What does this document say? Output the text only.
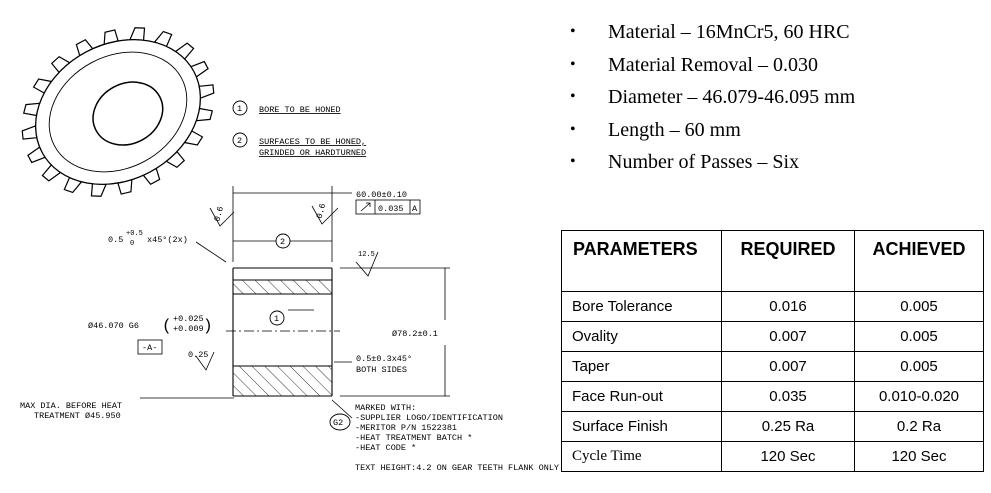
1 BORE TO BE HONED
2 SURFACES TO BE HONED,
GRINDED OR HARDTURNED
60.00±0.10
0.035 A
0.6	0.6
0.5
+0.5
0 x45°(2x)	2
12.5
1
Ø46.070 G6 ( +0.025
+0.009 )	Ø78.2±0.1
-A-
0.25	0.5±0.3x45°
BOTH SIDES
MAX DIA. BEFORE HEAT
TREATMENT Ø45.950
G2
MARKED WITH:
-SUPPLIER LOGO/IDENTIFICATION
-MERITOR P/N 1522381
-HEAT TREATMENT BATCH *
-HEAT CODE *
TEXT HEIGHT:4.2 ON GEAR TEETH FLANK ONLY
• Material – 16MnCr5, 60 HRC
• Material Removal – 0.030
• Diameter – 46.079-46.095 mm
• Length – 60 mm
• Number of Passes – Six
PARAMETERS	REQUIRED	ACHIEVED
Bore Tolerance	0.016	0.005
Ovality	0.007	0.005
Taper	0.007	0.005
Face Run-out	0.035	0.010-0.020
Surface Finish	0.25 Ra	0.2 Ra
Cycle Time	120 Sec	120 Sec
